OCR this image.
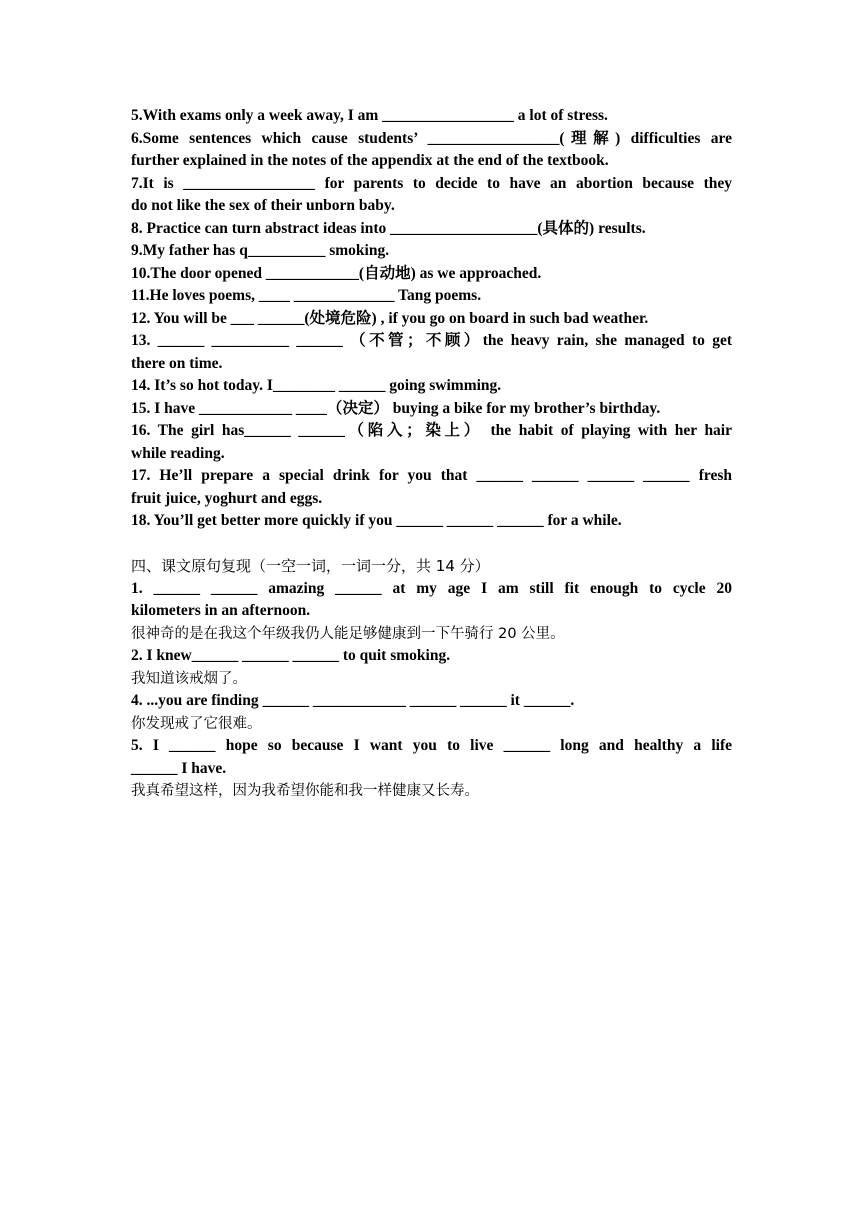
5.With exams only a week away, I am _________________ a lot of stress.
6.Some sentences which cause students’ _________________(理解) difficulties are
further explained in the notes of the appendix at the end of the textbook.
7.It is _________________ for parents to decide to have an abortion because they
do not like the sex of their unborn baby.
8. Practice can turn abstract ideas into ___________________(具体的) results.
9.My father has q__________ smoking.
10.The door opened ____________(自动地) as we approached.
11.He loves poems, ____ _____________ Tang poems.
12. You will be ___ ______(处境危险) , if you go on board in such bad weather.
13. ______ __________ ______ （不管；不顾）the heavy rain, she managed to get
there on time.
14. It’s so hot today. I________ ______ going swimming.
15. I have ____________ ____（决定） buying a bike for my brother’s birthday.
16. The girl has______ ______（陷入；染上） the habit of playing with her hair
while reading.
17. He’ll prepare a special drink for you that ______ ______ ______ ______ fresh
fruit juice, yoghurt and eggs.
18. You’ll get better more quickly if you ______ ______ ______ for a while.
四、课文原句复现（一空一词，一词一分，共 14 分）
1. ______ ______ amazing ______ at my age I am still fit enough to cycle 20
kilometers in an afternoon.
很神奇的是在我这个年级我仍人能足够健康到一下午骑行 20 公里。
2. I knew______ ______ ______ to quit smoking.
我知道该戒烟了。
4. ...you are finding ______ ____________ ______ ______ it ______.
你发现戒了它很难。
5. I ______ hope so because I want you to live ______ long and healthy a life
______ I have.
我真希望这样，因为我希望你能和我一样健康又长寿。
